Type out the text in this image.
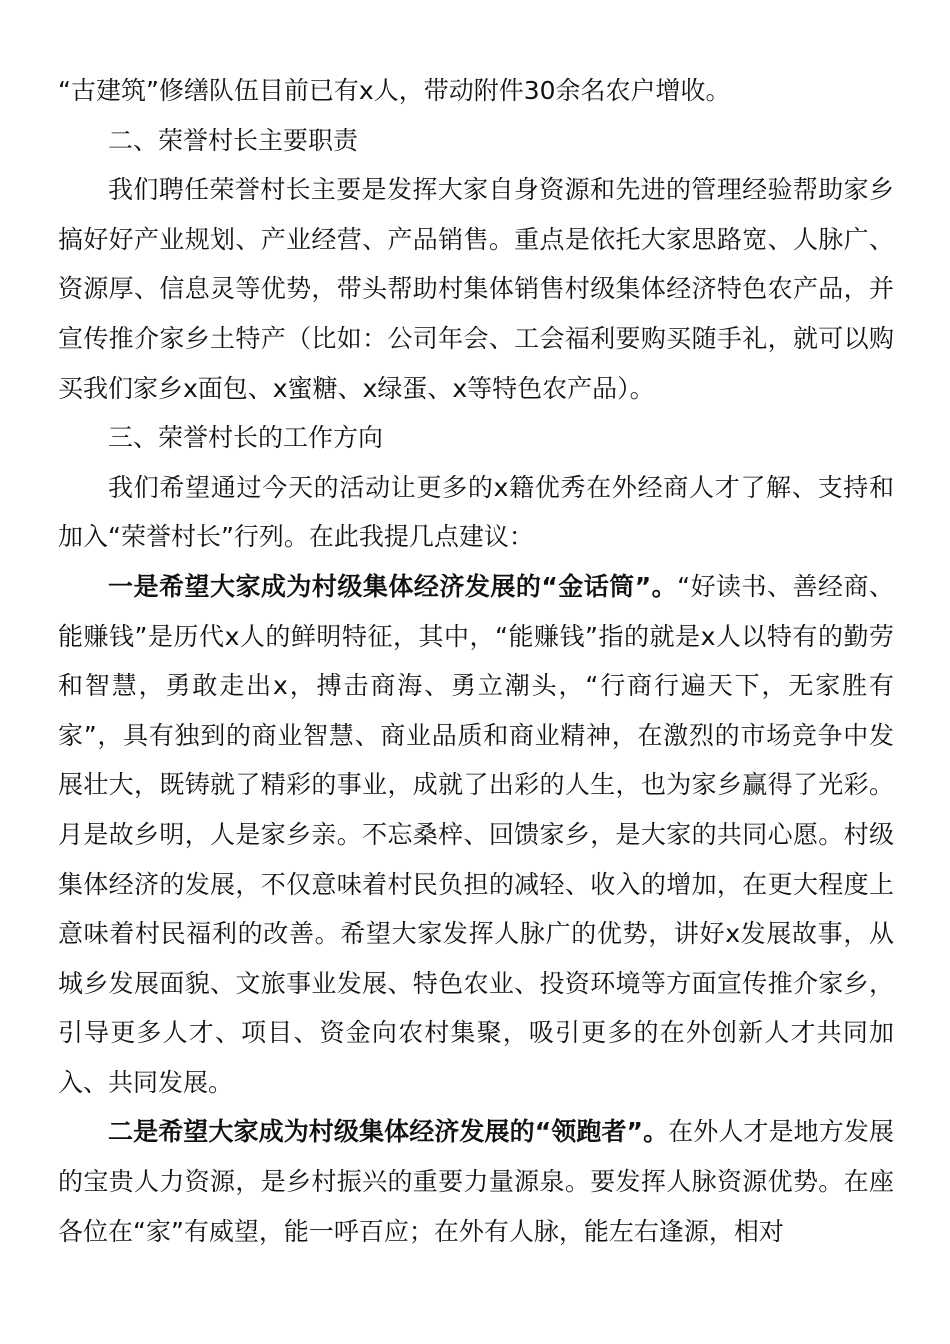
“古建筑”修缮队伍目前已有x人，带动附件30余名农户增收。

二、荣誉村长主要职责

我们聘任荣誉村长主要是发挥大家自身资源和先进的管理经验帮助家乡搞好好产业规划、产业经营、产品销售。重点是依托大家思路宽、人脉广、资源厚、信息灵等优势，带头帮助村集体销售村级集体经济特色农产品，并宣传推介家乡土特产（比如：公司年会、工会福利要购买随手礼，就可以购买我们家乡x面包、x蜜糖、x绿蛋、x等特色农产品）。

三、荣誉村长的工作方向

我们希望通过今天的活动让更多的x籍优秀在外经商人才了解、支持和加入“荣誉村长”行列。在此我提几点建议：

一是希望大家成为村级集体经济发展的“金话筒”。“好读书、善经商、能赚钱”是历代x人的鲜明特征，其中，“能赚钱”指的就是x人以特有的勤劳和智慧，勇敢走出x，搏击商海、勇立潮头，“行商行遍天下，无家胜有家”，具有独到的商业智慧、商业品质和商业精神，在激烈的市场竞争中发展壮大，既铸就了精彩的事业，成就了出彩的人生，也为家乡赢得了光彩。月是故乡明，人是家乡亲。不忘桑梓、回馈家乡，是大家的共同心愿。村级集体经济的发展，不仅意味着村民负担的减轻、收入的增加，在更大程度上意味着村民福利的改善。希望大家发挥人脉广的优势，讲好x发展故事，从城乡发展面貌、文旅事业发展、特色农业、投资环境等方面宣传推介家乡，引导更多人才、项目、资金向农村集聚，吸引更多的在外创新人才共同加入、共同发展。

二是希望大家成为村级集体经济发展的“领跑者”。在外人才是地方发展的宝贵人力资源，是乡村振兴的重要力量源泉。要发挥人脉资源优势。在座各位在“家”有威望，能一呼百应；在外有人脉，能左右逢源，相对
